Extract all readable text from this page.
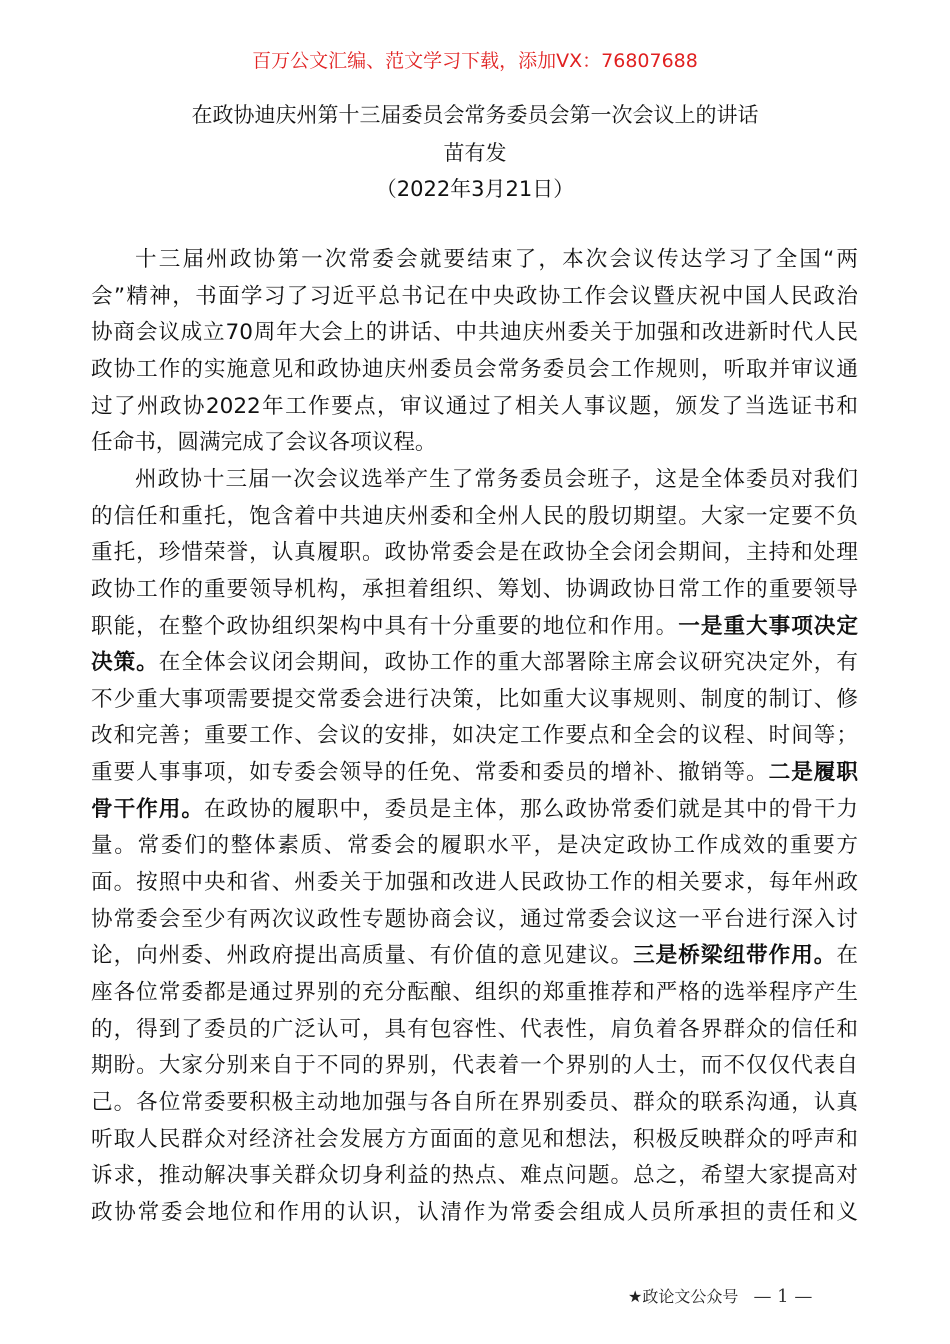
百万公文汇编、范文学习下载，添加VX：76807688
在政协迪庆州第十三届委员会常务委员会第一次会议上的讲话
苗有发
（2022年3月21日）
十三届州政协第一次常委会就要结束了，本次会议传达学习了全国“两
会”精神，书面学习了习近平总书记在中央政协工作会议暨庆祝中国人民政治
协商会议成立70周年大会上的讲话、中共迪庆州委关于加强和改进新时代人民
政协工作的实施意见和政协迪庆州委员会常务委员会工作规则，听取并审议通
过了州政协2022年工作要点，审议通过了相关人事议题，颁发了当选证书和
任命书，圆满完成了会议各项议程。
州政协十三届一次会议选举产生了常务委员会班子，这是全体委员对我们
的信任和重托，饱含着中共迪庆州委和全州人民的殷切期望。大家一定要不负
重托，珍惜荣誉，认真履职。政协常委会是在政协全会闭会期间，主持和处理
政协工作的重要领导机构，承担着组织、筹划、协调政协日常工作的重要领导
职能，在整个政协组织架构中具有十分重要的地位和作用。一是重大事项决定
决策。在全体会议闭会期间，政协工作的重大部署除主席会议研究决定外，有
不少重大事项需要提交常委会进行决策，比如重大议事规则、制度的制订、修
改和完善；重要工作、会议的安排，如决定工作要点和全会的议程、时间等；
重要人事事项，如专委会领导的任免、常委和委员的增补、撤销等。二是履职
骨干作用。在政协的履职中，委员是主体，那么政协常委们就是其中的骨干力
量。常委们的整体素质、常委会的履职水平，是决定政协工作成效的重要方
面。按照中央和省、州委关于加强和改进人民政协工作的相关要求，每年州政
协常委会至少有两次议政性专题协商会议，通过常委会议这一平台进行深入讨
论，向州委、州政府提出高质量、有价值的意见建议。三是桥梁纽带作用。在
座各位常委都是通过界别的充分酝酿、组织的郑重推荐和严格的选举程序产生
的，得到了委员的广泛认可，具有包容性、代表性，肩负着各界群众的信任和
期盼。大家分别来自于不同的界别，代表着一个界别的人士，而不仅仅代表自
己。各位常委要积极主动地加强与各自所在界别委员、群众的联系沟通，认真
听取人民群众对经济社会发展方方面面的意见和想法，积极反映群众的呼声和
诉求，推动解决事关群众切身利益的热点、难点问题。总之，希望大家提高对
政协常委会地位和作用的认识，认清作为常委会组成人员所承担的责任和义
★政论文公众号 — 1 —
